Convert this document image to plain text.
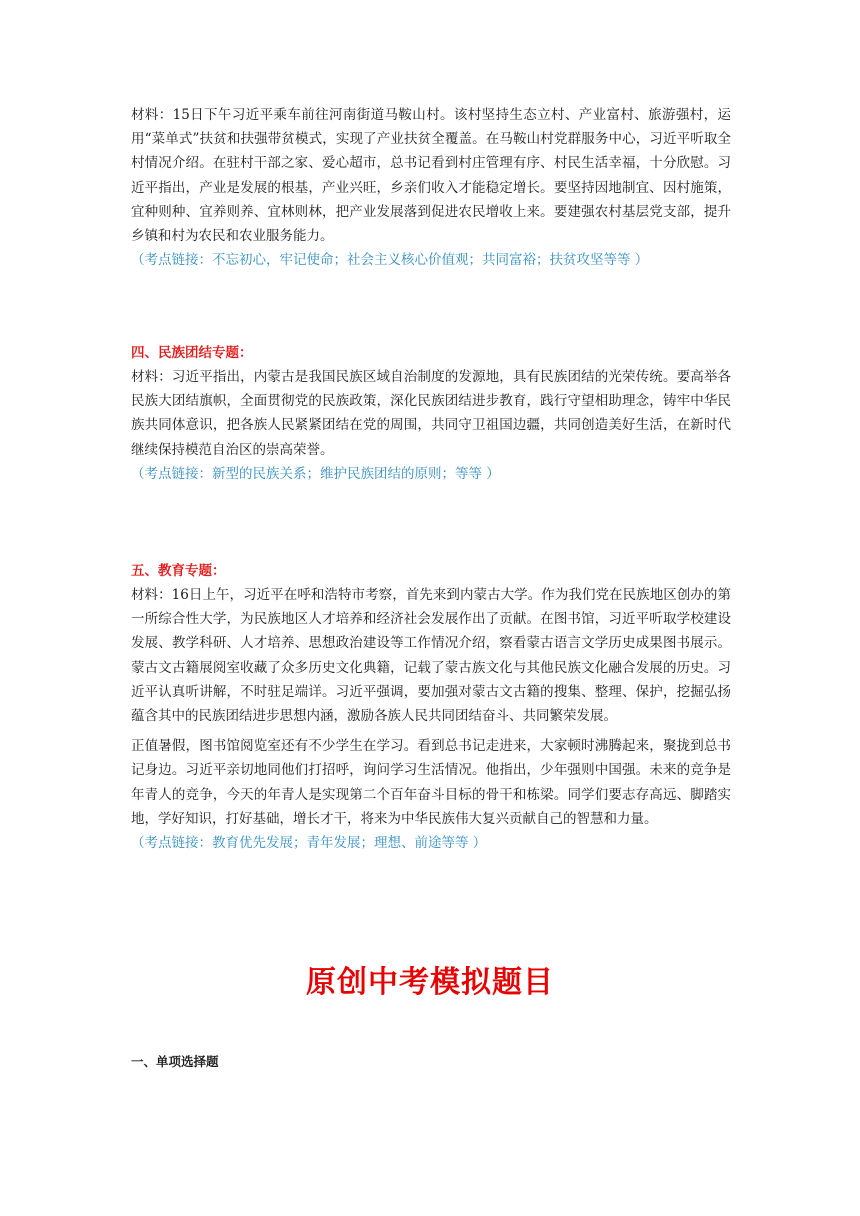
材料：15日下午习近平乘车前往河南街道马鞍山村。该村坚持生态立村、产业富村、旅游强村，运用“菜单式”扶贫和扶强带贫模式，实现了产业扶贫全覆盖。在马鞍山村党群服务中心，习近平听取全村情况介绍。在驻村干部之家、爱心超市，总书记看到村庄管理有序、村民生活幸福，十分欣慰。习近平指出，产业是发展的根基，产业兴旺，乡亲们收入才能稳定增长。要坚持因地制宜、因村施策，宜种则种、宜养则养、宜林则林，把产业发展落到促进农民增收上来。要建强农村基层党支部，提升乡镇和村为农民和农业服务能力。

（考点链接：不忘初心，牢记使命；社会主义核心价值观；共同富裕；扶贫攻坚等等 ）

四、民族团结专题：

材料：习近平指出，内蒙古是我国民族区域自治制度的发源地，具有民族团结的光荣传统。要高举各民族大团结旗帜，全面贯彻党的民族政策，深化民族团结进步教育，践行守望相助理念，铸牢中华民族共同体意识，把各族人民紧紧团结在党的周围，共同守卫祖国边疆，共同创造美好生活，在新时代继续保持模范自治区的崇高荣誉。

（考点链接：新型的民族关系；维护民族团结的原则；等等 ）

五、教育专题：

材料：16日上午，习近平在呼和浩特市考察，首先来到内蒙古大学。作为我们党在民族地区创办的第一所综合性大学，为民族地区人才培养和经济社会发展作出了贡献。在图书馆，习近平听取学校建设发展、教学科研、人才培养、思想政治建设等工作情况介绍，察看蒙古语言文学历史成果图书展示。蒙古文古籍展阅室收藏了众多历史文化典籍，记载了蒙古族文化与其他民族文化融合发展的历史。习近平认真听讲解，不时驻足端详。习近平强调，要加强对蒙古文古籍的搜集、整理、保护，挖掘弘扬蕴含其中的民族团结进步思想内涵，激励各族人民共同团结奋斗、共同繁荣发展。

正值暑假，图书馆阅览室还有不少学生在学习。看到总书记走进来，大家顿时沸腾起来，聚拢到总书记身边。习近平亲切地同他们打招呼，询问学习生活情况。他指出，少年强则中国强。未来的竞争是年青人的竞争，今天的年青人是实现第二个百年奋斗目标的骨干和栋梁。同学们要志存高远、脚踏实地，学好知识，打好基础，增长才干，将来为中华民族伟大复兴贡献自己的智慧和力量。

（考点链接：教育优先发展；青年发展；理想、前途等等 ）

原创中考模拟题目

一、单项选择题
